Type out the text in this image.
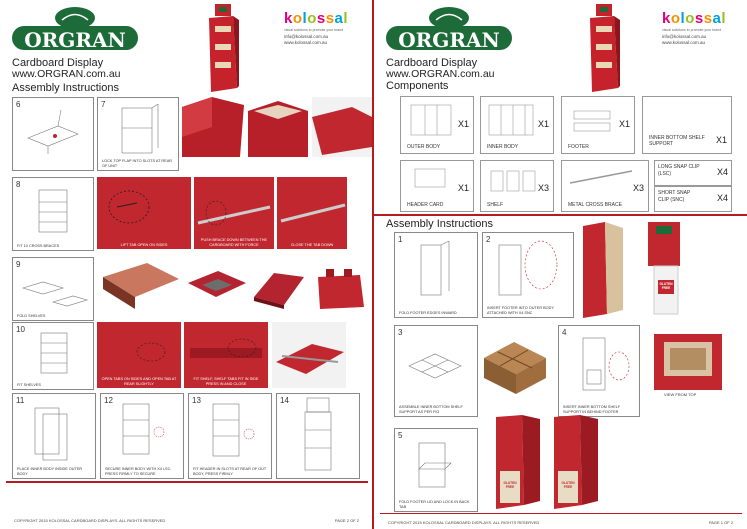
ORGRAN
Cardboard Display
www.ORGRAN.com.au
Assembly Instructions
kolossal
visual solutions to promote your brand
info@kolossal.com.au
www.kolossal.com.au
6	7
LOCK TOP FLAP INTO SLOTS AT REAR OF UNIT
8
FIT 10 CROSS BRACES	LIFT TAB OPEN ON SIDES
PUSH BRACE DOWN BETWEEN THE CARDBOARD WITH FORCE	CLOSE THE TAB DOWN
9
FOLD SHELVES
10
FIT SHELVES
OPEN TABS ON SIDES AND OPEN TAB AT REAR SLIGHTLY
FIT SHELF, SHELF TABS FIT IN SIDE PRESS IN AND CLOSE
11
PLACE INNER BODY INSIDE OUTER BODY
12
SECURE INNER BODY WITH X4 LSC, PRESS FIRMLY TO SECURE
13
FIT HEADER IN SLOTS AT REAR OF OUT BODY, PRESS FIRMLY
14
COPYRIGHT 2015 KOLOSSAL CARDBOARD DISPLAYS. ALL RIGHTS RESERVED	PAGE 2 OF 2
ORGRAN
Cardboard Display
www.ORGRAN.com.au
Components
kolossal
visual solutions to promote your brand
info@kolossal.com.au
www.kolossal.com.au
OUTER BODY
X1
INNER BODY
X1
FOOTER
X1
INNER BOTTOM SHELF SUPPORT	X1
HEADER CARD
X1
SHELF
X3
METAL CROSS BRACE
X3
LONG SNAP CLIP (LSC)	X4
SHORT SNAP CLIP (SNC)	X4
Assembly Instructions
1
FOLD FOOTER EDGES INWARD
2
INSERT FOOTER INTO OUTER BODY ATTACHED WITH X4 SNC
GLUTEN FREE
3
ASSEMBLE INNER BOTTOM SHELF SUPPORT AS PER FIG
4
INSERT INNER BOTTOM SHELF SUPPORT IN BEHIND FOOTER
VIEW FROM TOP
5
FOLD FOOTER LID AND LOCK IN BACK TAB
GLUTEN FREE
GLUTEN FREE
COPYRIGHT 2015 KOLOSSAL CARDBOARD DISPLAYS. ALL RIGHTS RESERVED	PAGE 1 OF 2
